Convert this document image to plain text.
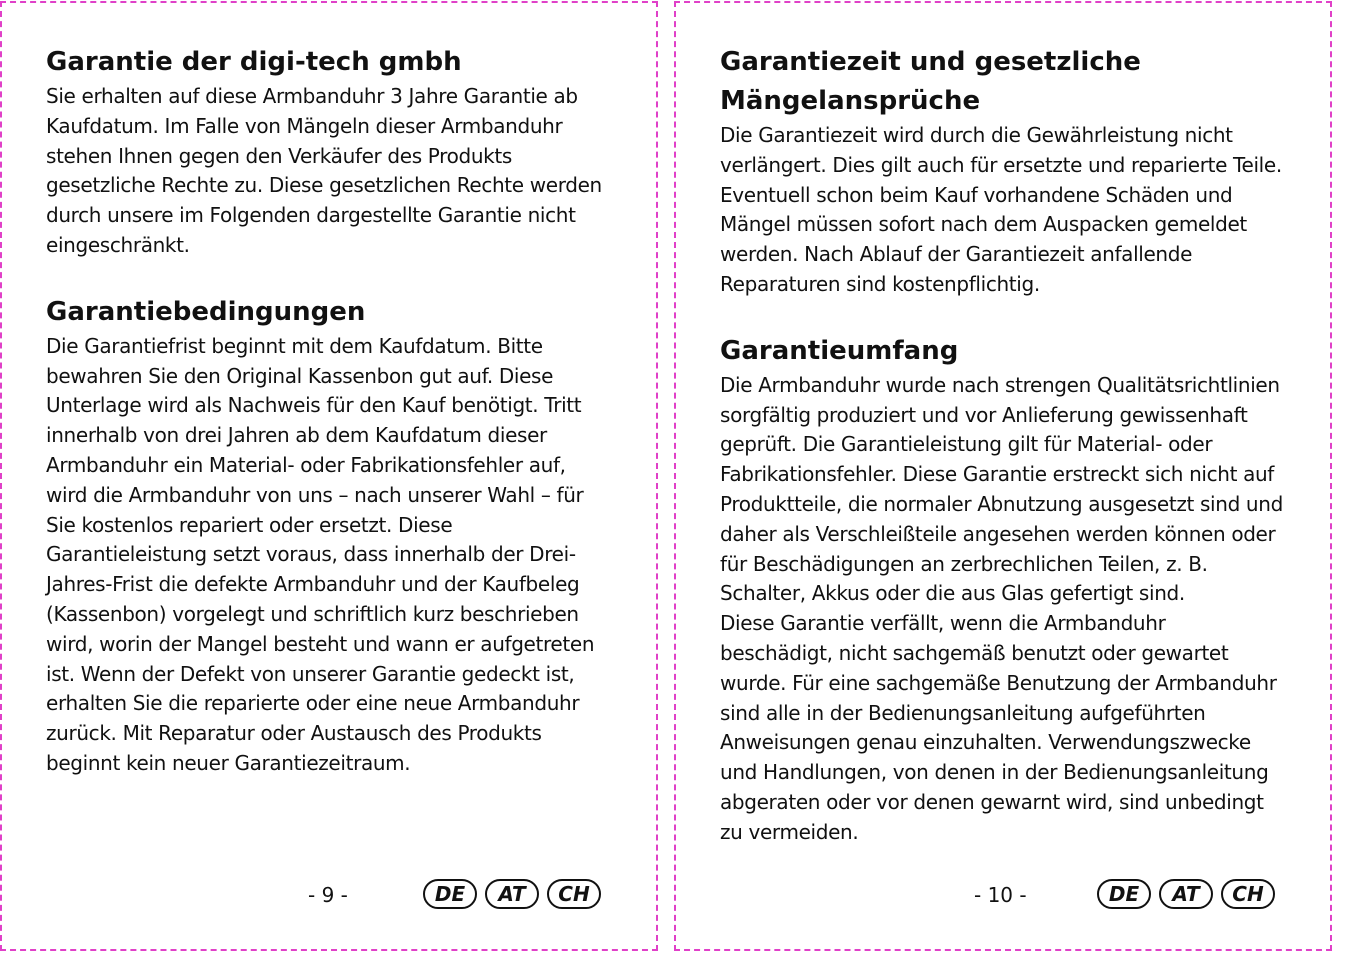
Garantie der digi-tech gmbh

Sie erhalten auf diese Armbanduhr 3 Jahre Garantie ab
Kaufdatum. Im Falle von Mängeln dieser Armbanduhr
stehen Ihnen gegen den Verkäufer des Produkts
gesetzliche Rechte zu. Diese gesetzlichen Rechte werden
durch unsere im Folgenden dargestellte Garantie nicht
eingeschränkt.

Garantiebedingungen

Die Garantiefrist beginnt mit dem Kaufdatum. Bitte
bewahren Sie den Original Kassenbon gut auf. Diese
Unterlage wird als Nachweis für den Kauf benötigt. Tritt
innerhalb von drei Jahren ab dem Kaufdatum dieser
Armbanduhr ein Material- oder Fabrikationsfehler auf,
wird die Armbanduhr von uns – nach unserer Wahl – für
Sie kostenlos repariert oder ersetzt. Diese
Garantieleistung setzt voraus, dass innerhalb der Drei-
Jahres-Frist die defekte Armbanduhr und der Kaufbeleg
(Kassenbon) vorgelegt und schriftlich kurz beschrieben
wird, worin der Mangel besteht und wann er aufgetreten
ist. Wenn der Defekt von unserer Garantie gedeckt ist,
erhalten Sie die reparierte oder eine neue Armbanduhr
zurück. Mit Reparatur oder Austausch des Produkts
beginnt kein neuer Garantiezeitraum.

- 9 -	DE	AT	CH
Garantiezeit und gesetzliche
Mängelansprüche

Die Garantiezeit wird durch die Gewährleistung nicht
verlängert. Dies gilt auch für ersetzte und reparierte Teile.
Eventuell schon beim Kauf vorhandene Schäden und
Mängel müssen sofort nach dem Auspacken gemeldet
werden. Nach Ablauf der Garantiezeit anfallende
Reparaturen sind kostenpflichtig.

Garantieumfang

Die Armbanduhr wurde nach strengen Qualitätsrichtlinien
sorgfältig produziert und vor Anlieferung gewissenhaft
geprüft. Die Garantieleistung gilt für Material- oder
Fabrikationsfehler. Diese Garantie erstreckt sich nicht auf
Produktteile, die normaler Abnutzung ausgesetzt sind und
daher als Verschleißteile angesehen werden können oder
für Beschädigungen an zerbrechlichen Teilen, z. B.
Schalter, Akkus oder die aus Glas gefertigt sind.
Diese Garantie verfällt, wenn die Armbanduhr
beschädigt, nicht sachgemäß benutzt oder gewartet
wurde. Für eine sachgemäße Benutzung der Armbanduhr
sind alle in der Bedienungsanleitung aufgeführten
Anweisungen genau einzuhalten. Verwendungszwecke
und Handlungen, von denen in der Bedienungsanleitung
abgeraten oder vor denen gewarnt wird, sind unbedingt
zu vermeiden.

- 10 -	DE	AT	CH
